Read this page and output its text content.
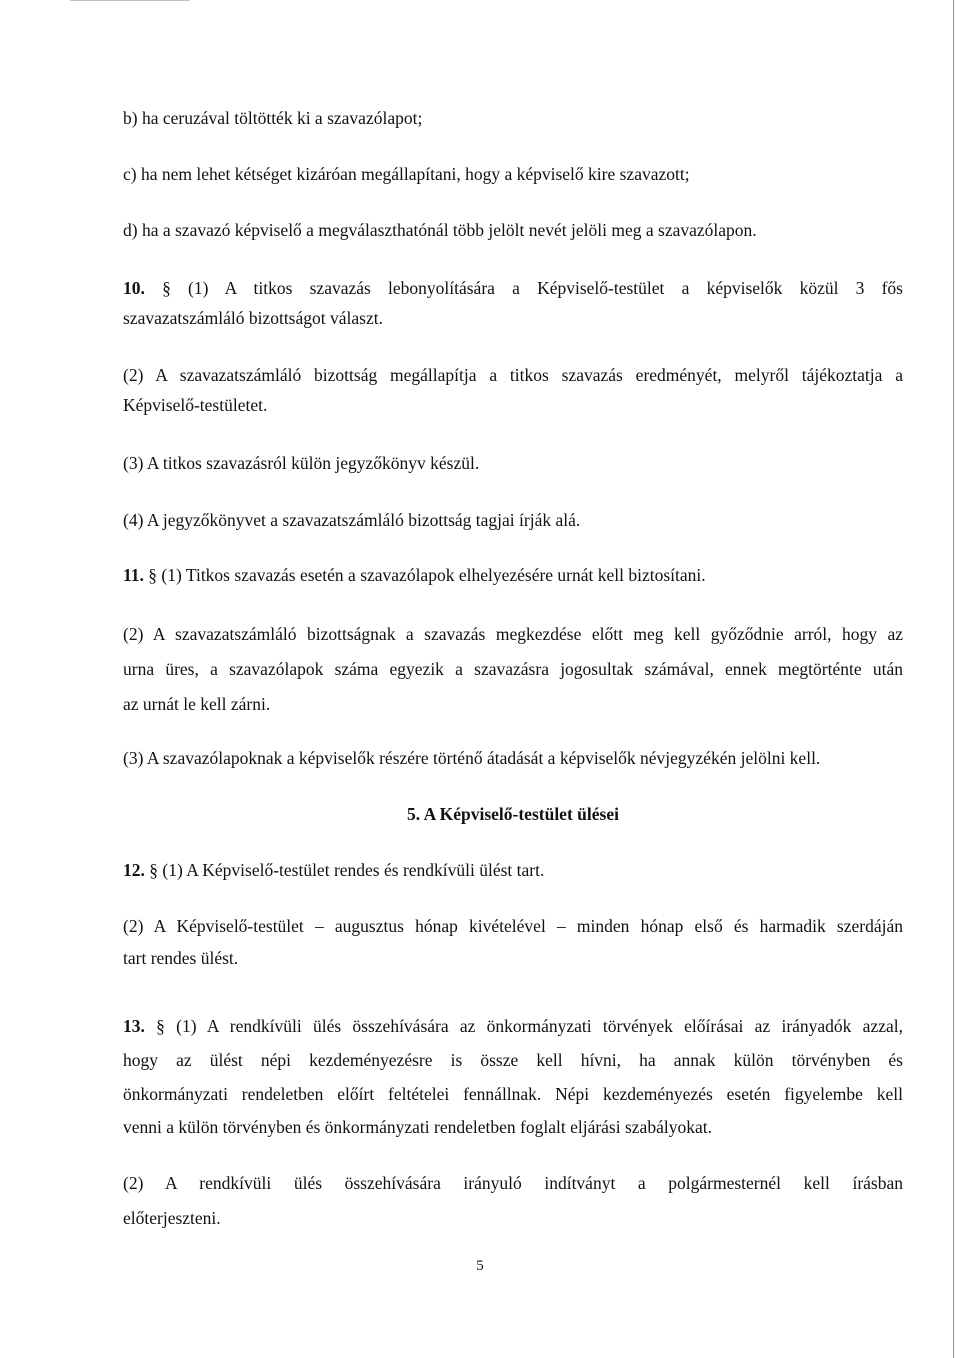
b) ha ceruzával töltötték ki a szavazólapot;
c) ha nem lehet kétséget kizáróan megállapítani, hogy a képviselő kire szavazott;
d) ha a szavazó képviselő a megválaszthatónál több jelölt nevét jelöli meg a szavazólapon.
10. § (1) A titkos szavazás lebonyolítására a Képviselő-testület a képviselők közül 3 fős
szavazatszámláló bizottságot választ.
(2) A szavazatszámláló bizottság megállapítja a titkos szavazás eredményét, melyről tájékoztatja a
Képviselő-testületet.
(3) A titkos szavazásról külön jegyzőkönyv készül.
(4) A jegyzőkönyvet a szavazatszámláló bizottság tagjai írják alá.
11. § (1) Titkos szavazás esetén a szavazólapok elhelyezésére urnát kell biztosítani.
(2) A szavazatszámláló bizottságnak a szavazás megkezdése előtt meg kell győződnie arról, hogy az
urna üres, a szavazólapok száma egyezik a szavazásra jogosultak számával, ennek megtörténte után
az urnát le kell zárni.
(3) A szavazólapoknak a képviselők részére történő átadását a képviselők névjegyzékén jelölni kell.
5. A Képviselő-testület ülései
12. § (1) A Képviselő-testület rendes és rendkívüli ülést tart.
(2) A Képviselő-testület – augusztus hónap kivételével – minden hónap első és harmadik szerdáján
tart rendes ülést.
13. § (1) A rendkívüli ülés összehívására az önkormányzati törvények előírásai az irányadók azzal,
hogy az ülést népi kezdeményezésre is össze kell hívni, ha annak külön törvényben és
önkormányzati rendeletben előírt feltételei fennállnak. Népi kezdeményezés esetén figyelembe kell
venni a külön törvényben és önkormányzati rendeletben foglalt eljárási szabályokat.
(2) A rendkívüli ülés összehívására irányuló indítványt a polgármesternél kell írásban
előterjeszteni.
5
